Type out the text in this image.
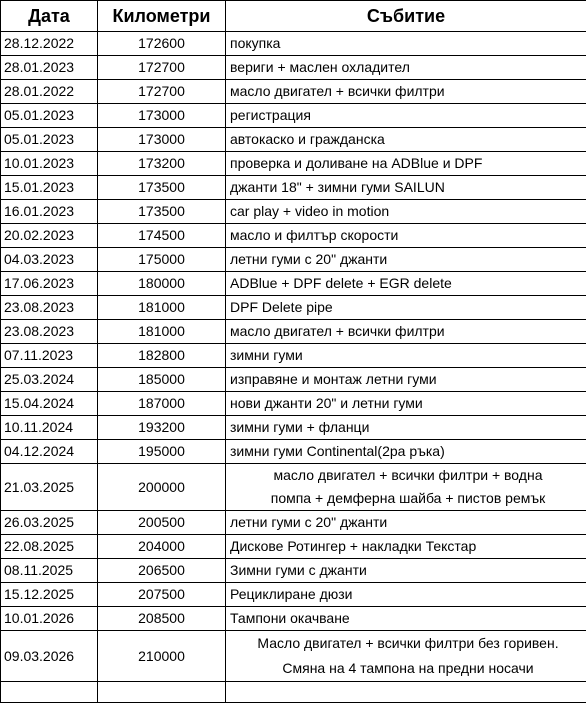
Дата	Километри	Събитие
28.12.2022	172600	покупка
28.01.2023	172700	вериги + маслен охладител
28.01.2022	172700	масло двигател + всички филтри
05.01.2023	173000	регистрация
05.01.2023	173000	автокаско и гражданска
10.01.2023	173200	проверка и доливане на ADBlue и DPF
15.01.2023	173500	джанти 18" + зимни гуми SAILUN
16.01.2023	173500	car play + video in motion
20.02.2023	174500	масло и филтър скорости
04.03.2023	175000	летни гуми с 20" джанти
17.06.2023	180000	ADBlue + DPF delete + EGR delete
23.08.2023	181000	DPF Delete pipe
23.08.2023	181000	масло двигател + всички филтри
07.11.2023	182800	зимни гуми
25.03.2024	185000	изправяне и монтаж летни гуми
15.04.2024	187000	нови джанти 20" и летни гуми
10.11.2024	193200	зимни гуми + фланци
04.12.2024	195000	зимни гуми Continental(2ра ръка)
21.03.2025	200000	масло двигател + всички филтри + водна
помпа + демферна шайба + пистов ремък

26.03.2025	200500	летни гуми с 20" джанти
22.08.2025	204000	Дискове Ротингер + накладки Текстар
08.11.2025	206500	Зимни гуми с джанти
15.12.2025	207500	Рециклиране дюзи
10.01.2026	208500	Тампони окачване
09.03.2026	210000	Масло двигател + всички филтри без горивен.
Смяна на 4 тампона на предни носачи
